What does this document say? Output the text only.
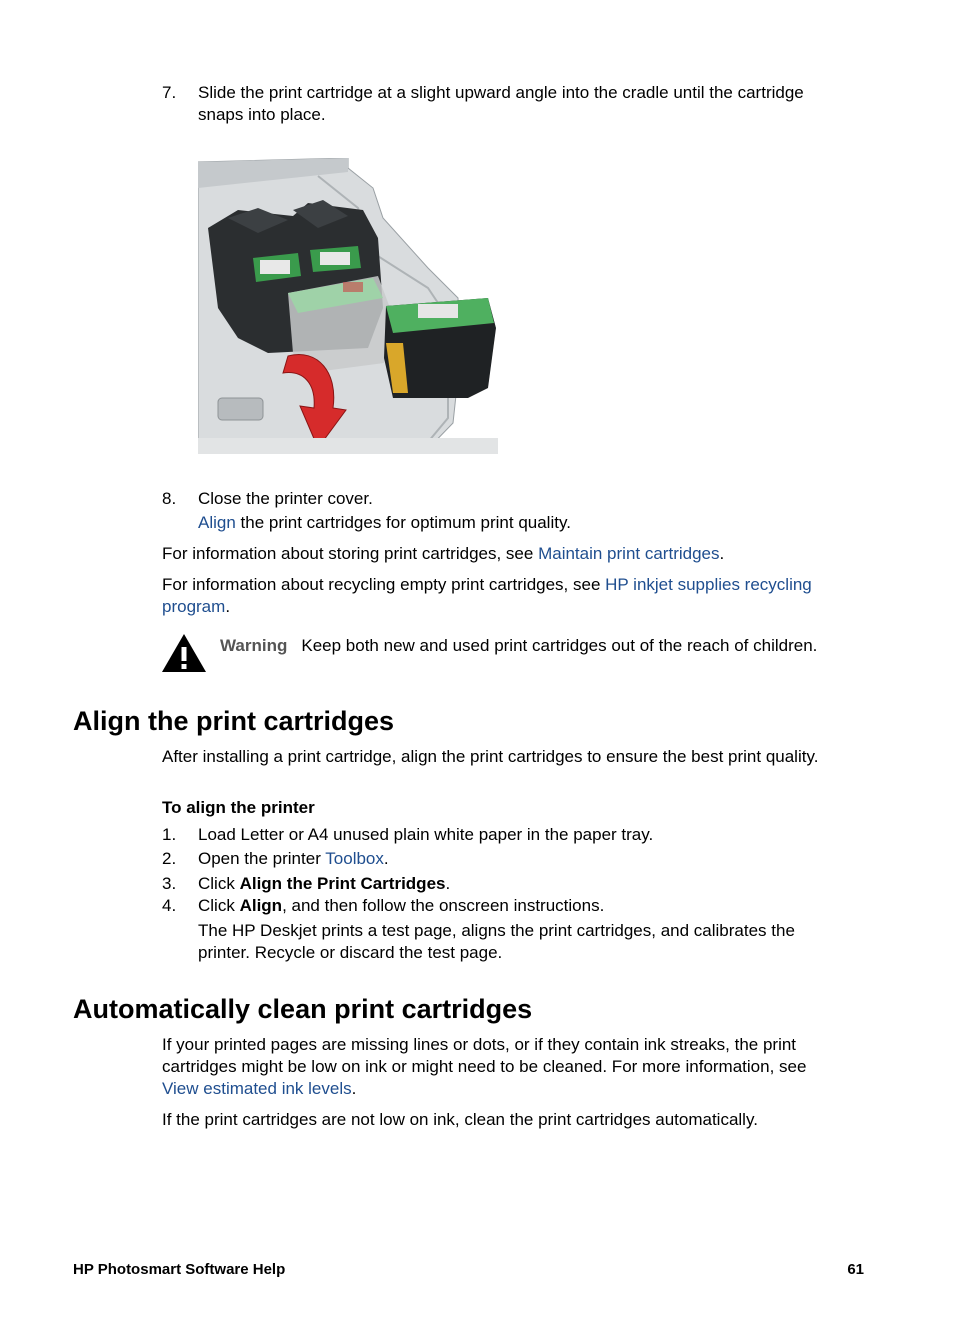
7.	Slide the print cartridge at a slight upward angle into the cradle until the cartridge
snaps into place.
8.	Close the printer cover.
Align the print cartridges for optimum print quality.
For information about storing print cartridges, see Maintain print cartridges.
For information about recycling empty print cartridges, see HP inkjet supplies recycling
program.
Warning Keep both new and used print cartridges out of the reach of children.
Align the print cartridges
After installing a print cartridge, align the print cartridges to ensure the best print quality.
To align the printer
1.	Load Letter or A4 unused plain white paper in the paper tray.
2.	Open the printer Toolbox.
3.	Click Align the Print Cartridges.
4.	Click Align, and then follow the onscreen instructions.
The HP Deskjet prints a test page, aligns the print cartridges, and calibrates the
printer. Recycle or discard the test page.
Automatically clean print cartridges
If your printed pages are missing lines or dots, or if they contain ink streaks, the print
cartridges might be low on ink or might need to be cleaned. For more information, see
View estimated ink levels.
If the print cartridges are not low on ink, clean the print cartridges automatically.
HP Photosmart Software Help	61
